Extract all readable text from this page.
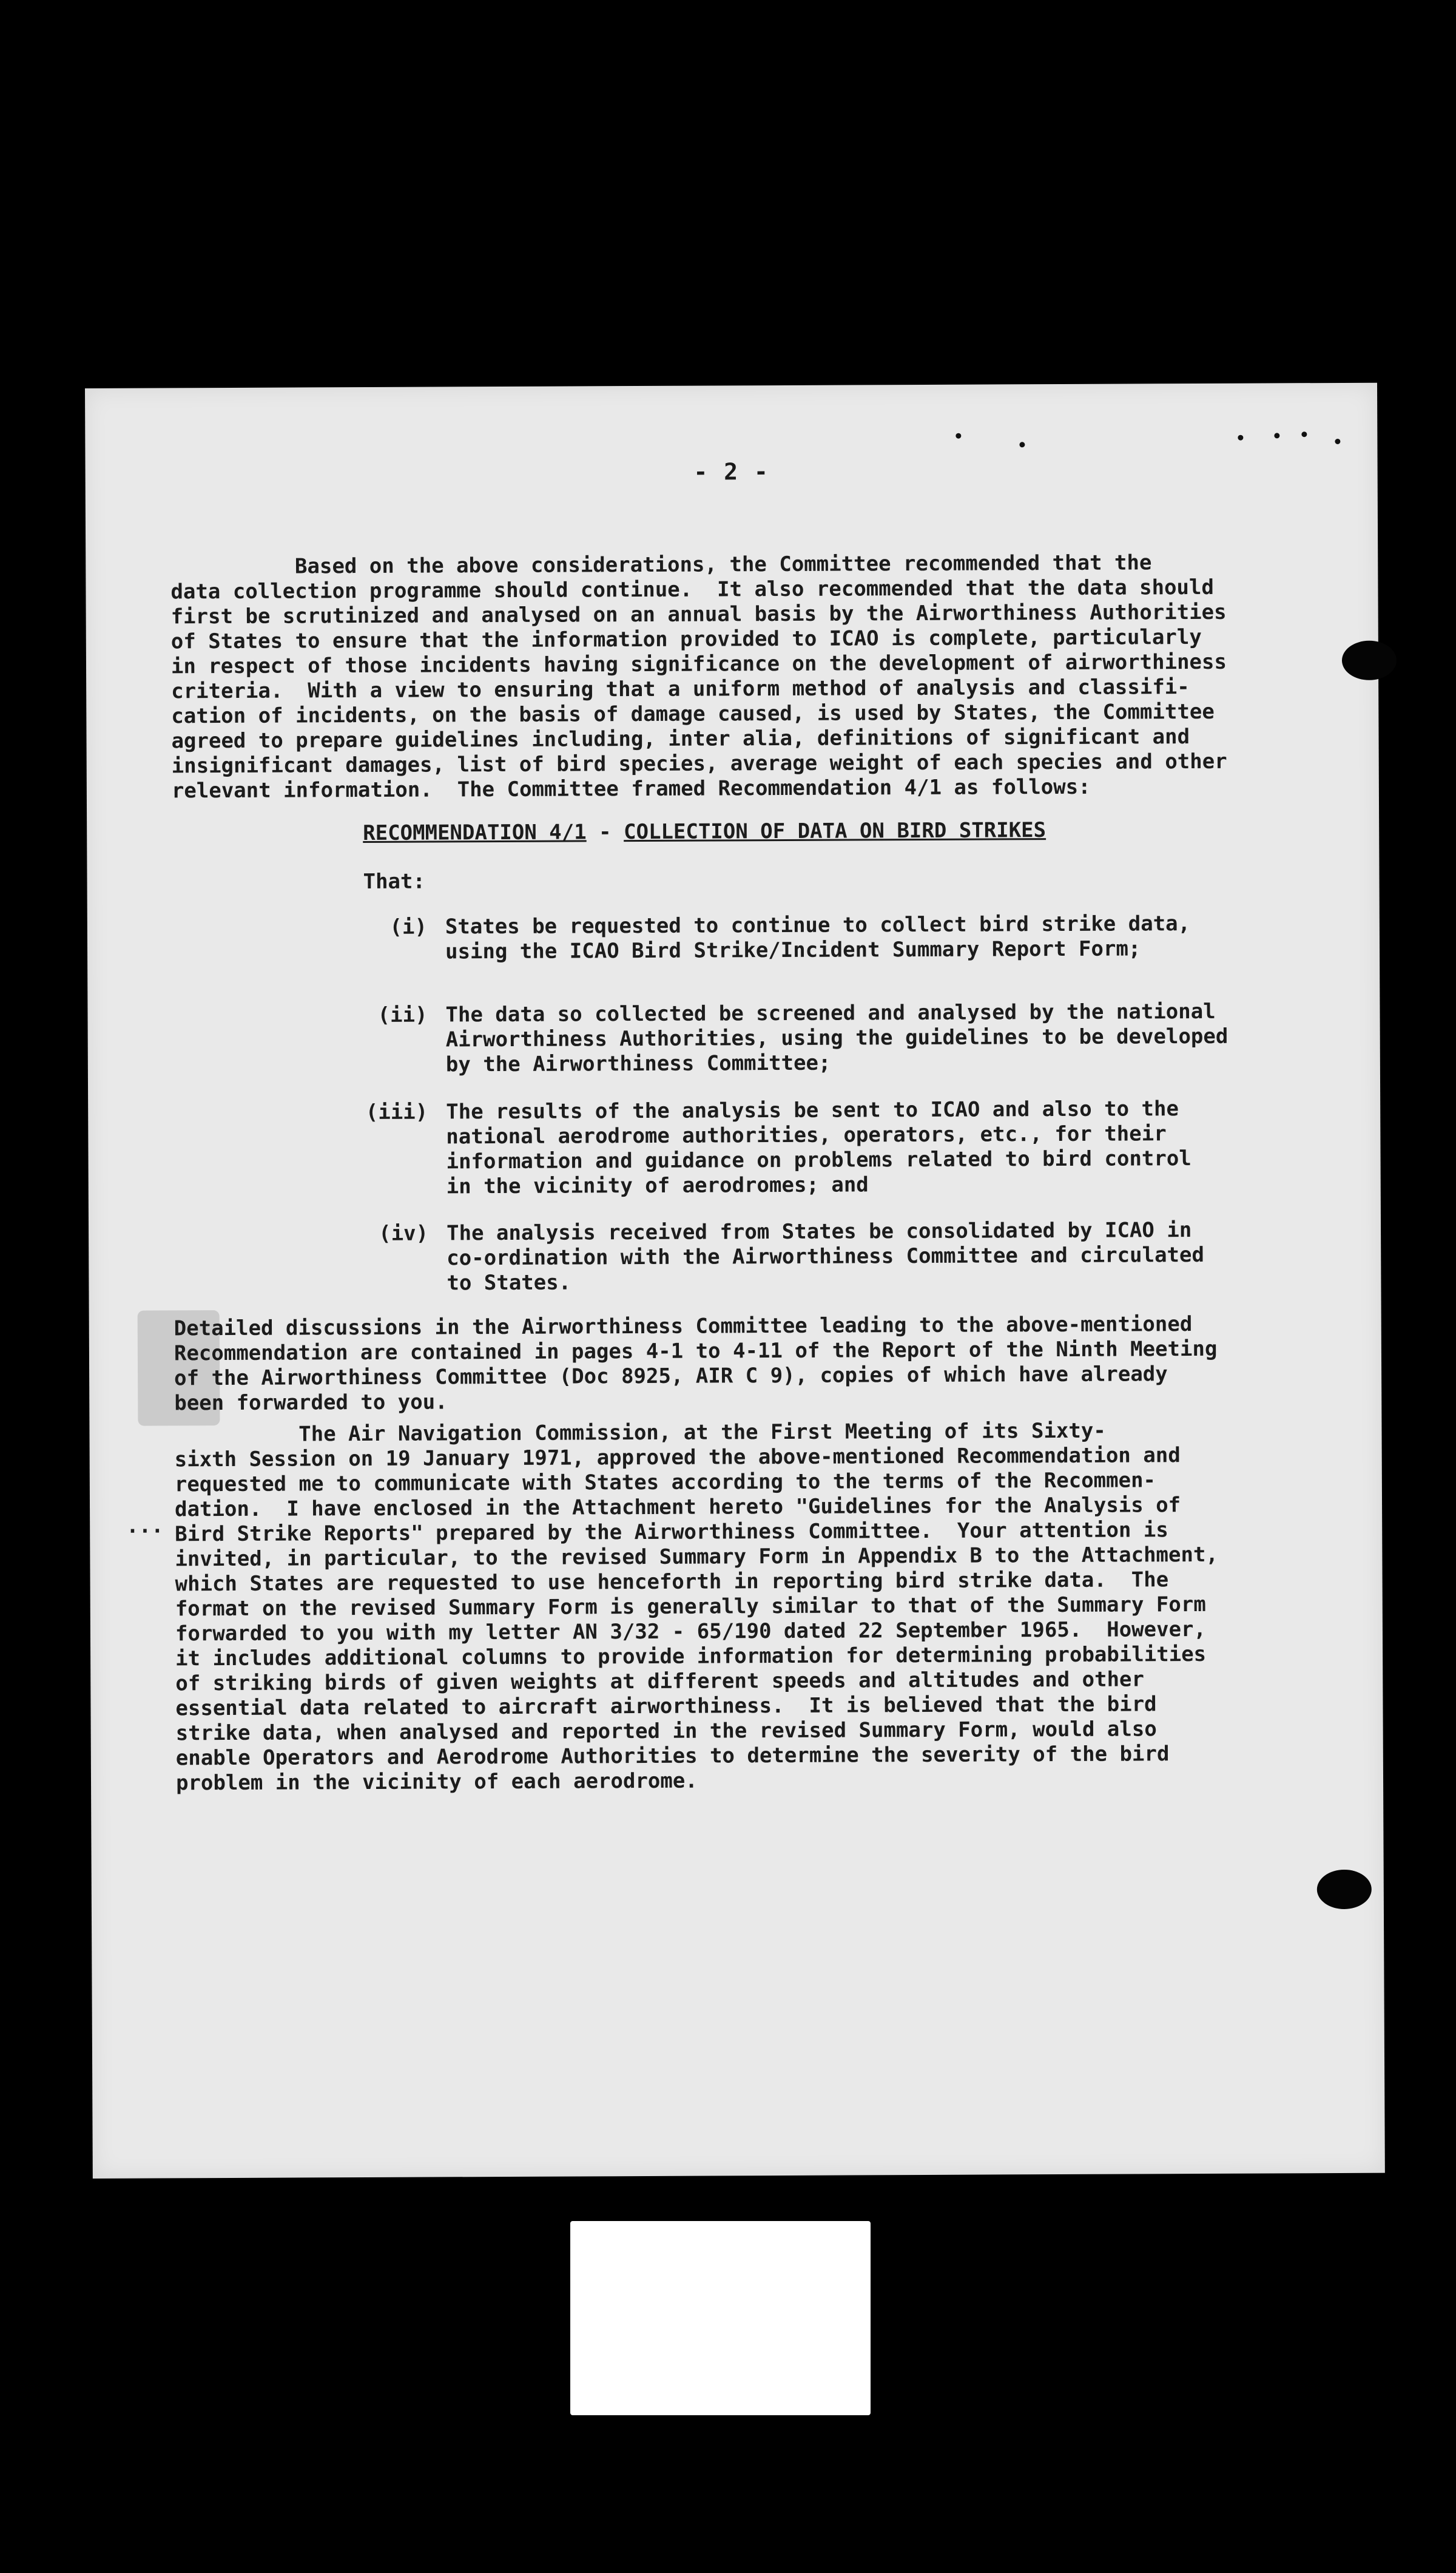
- 2 -
Based on the above considerations, the Committee recommended that the
data collection programme should continue.  It also recommended that the data should
first be scrutinized and analysed on an annual basis by the Airworthiness Authorities
of States to ensure that the information provided to ICAO is complete, particularly
in respect of those incidents having significance on the development of airworthiness
criteria.  With a view to ensuring that a uniform method of analysis and classifi-
cation of incidents, on the basis of damage caused, is used by States, the Committee
agreed to prepare guidelines including, inter alia, definitions of significant and
insignificant damages, list of bird species, average weight of each species and other
relevant information.  The Committee framed Recommendation 4/1 as follows:
RECOMMENDATION 4/1 - COLLECTION OF DATA ON BIRD STRIKES
That:
(i) States be requested to continue to collect bird strike data,
using the ICAO Bird Strike/Incident Summary Report Form;
(ii) The data so collected be screened and analysed by the national
Airworthiness Authorities, using the guidelines to be developed
by the Airworthiness Committee;
(iii) The results of the analysis be sent to ICAO and also to the
national aerodrome authorities, operators, etc., for their
information and guidance on problems related to bird control
in the vicinity of aerodromes; and
(iv) The analysis received from States be consolidated by ICAO in
co-ordination with the Airworthiness Committee and circulated
to States.
Detailed discussions in the Airworthiness Committee leading to the above-mentioned
Recommendation are contained in pages 4-1 to 4-11 of the Report of the Ninth Meeting
of the Airworthiness Committee (Doc 8925, AIR C 9), copies of which have already
been forwarded to you.
...
The Air Navigation Commission, at the First Meeting of its Sixty-
sixth Session on 19 January 1971, approved the above-mentioned Recommendation and
requested me to communicate with States according to the terms of the Recommen-
dation.  I have enclosed in the Attachment hereto "Guidelines for the Analysis of
Bird Strike Reports" prepared by the Airworthiness Committee.  Your attention is
invited, in particular, to the revised Summary Form in Appendix B to the Attachment,
which States are requested to use henceforth in reporting bird strike data.  The
format on the revised Summary Form is generally similar to that of the Summary Form
forwarded to you with my letter AN 3/32 - 65/190 dated 22 September 1965.  However,
it includes additional columns to provide information for determining probabilities
of striking birds of given weights at different speeds and altitudes and other
essential data related to aircraft airworthiness.  It is believed that the bird
strike data, when analysed and reported in the revised Summary Form, would also
enable Operators and Aerodrome Authorities to determine the severity of the bird
problem in the vicinity of each aerodrome.
